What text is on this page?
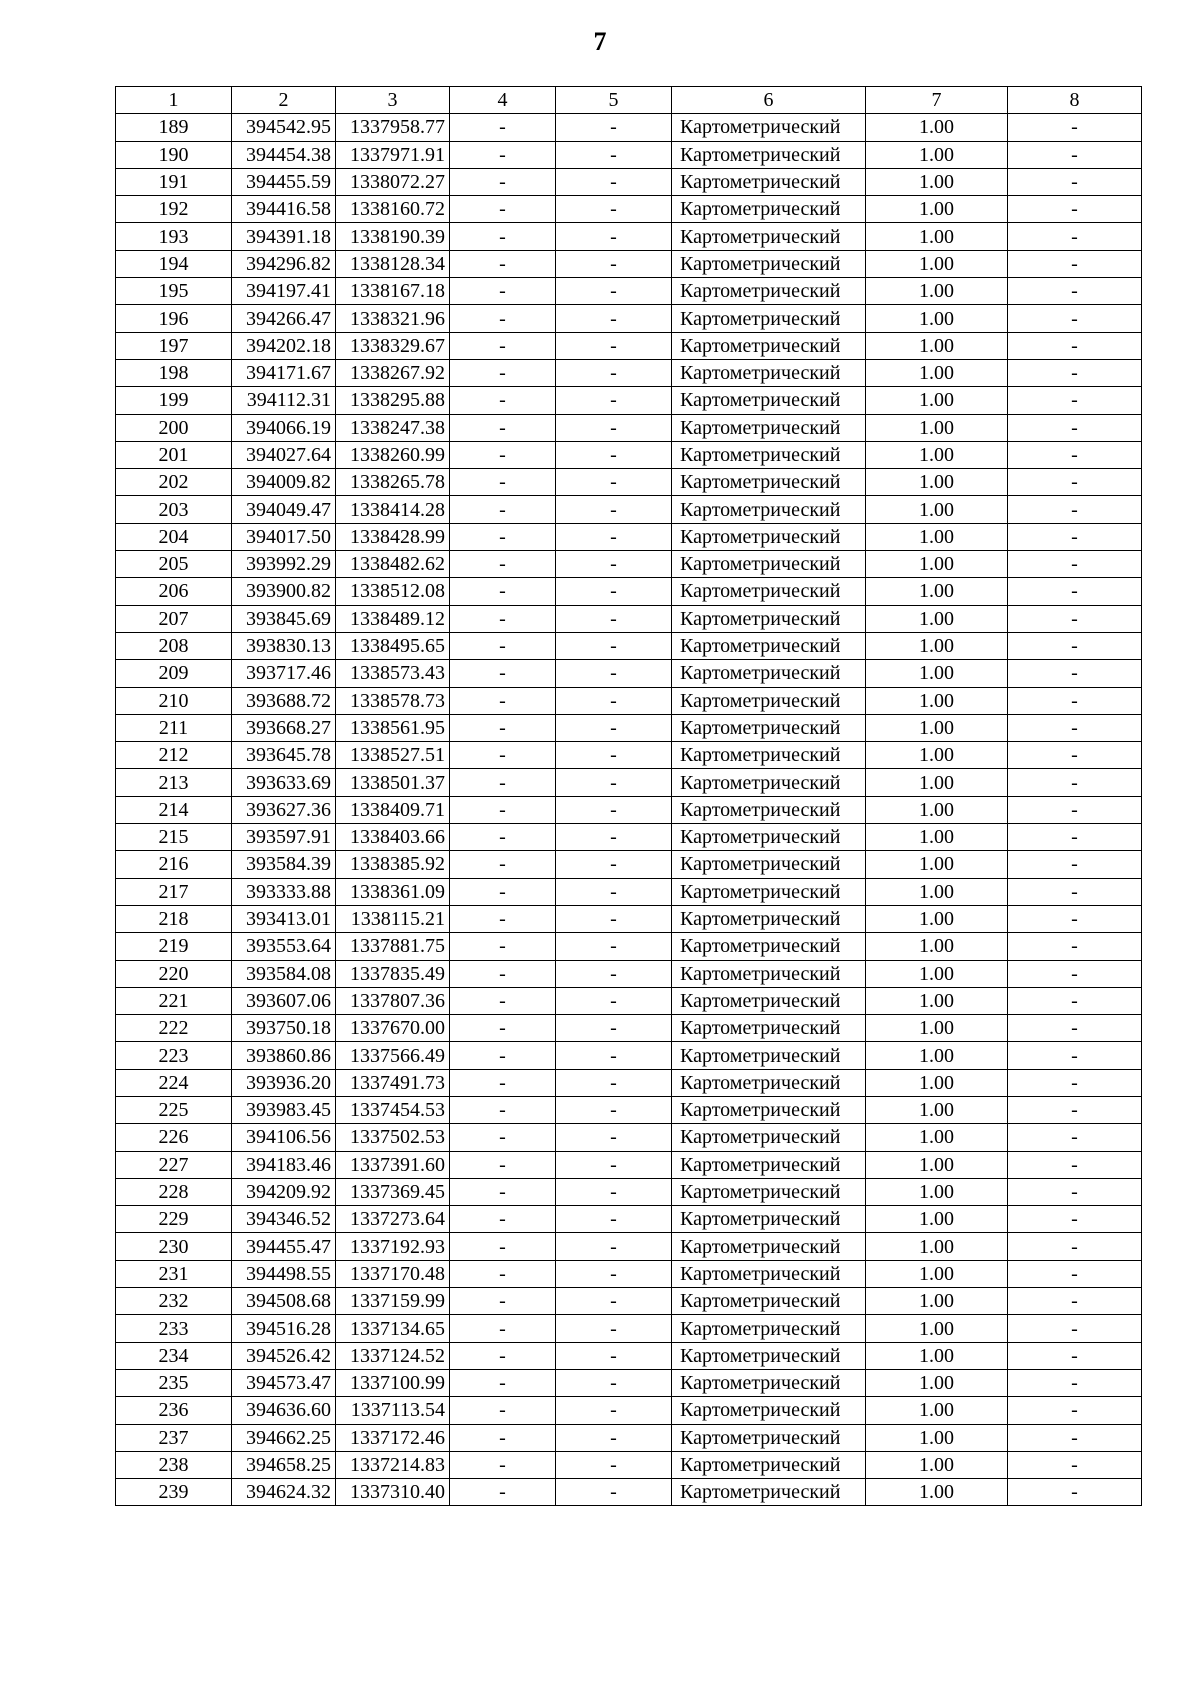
7
1	2	3	4	5	6	7	8
189	394542.95	1337958.77	-	-	Картометрический	1.00	-
190	394454.38	1337971.91	-	-	Картометрический	1.00	-
191	394455.59	1338072.27	-	-	Картометрический	1.00	-
192	394416.58	1338160.72	-	-	Картометрический	1.00	-
193	394391.18	1338190.39	-	-	Картометрический	1.00	-
194	394296.82	1338128.34	-	-	Картометрический	1.00	-
195	394197.41	1338167.18	-	-	Картометрический	1.00	-
196	394266.47	1338321.96	-	-	Картометрический	1.00	-
197	394202.18	1338329.67	-	-	Картометрический	1.00	-
198	394171.67	1338267.92	-	-	Картометрический	1.00	-
199	394112.31	1338295.88	-	-	Картометрический	1.00	-
200	394066.19	1338247.38	-	-	Картометрический	1.00	-
201	394027.64	1338260.99	-	-	Картометрический	1.00	-
202	394009.82	1338265.78	-	-	Картометрический	1.00	-
203	394049.47	1338414.28	-	-	Картометрический	1.00	-
204	394017.50	1338428.99	-	-	Картометрический	1.00	-
205	393992.29	1338482.62	-	-	Картометрический	1.00	-
206	393900.82	1338512.08	-	-	Картометрический	1.00	-
207	393845.69	1338489.12	-	-	Картометрический	1.00	-
208	393830.13	1338495.65	-	-	Картометрический	1.00	-
209	393717.46	1338573.43	-	-	Картометрический	1.00	-
210	393688.72	1338578.73	-	-	Картометрический	1.00	-
211	393668.27	1338561.95	-	-	Картометрический	1.00	-
212	393645.78	1338527.51	-	-	Картометрический	1.00	-
213	393633.69	1338501.37	-	-	Картометрический	1.00	-
214	393627.36	1338409.71	-	-	Картометрический	1.00	-
215	393597.91	1338403.66	-	-	Картометрический	1.00	-
216	393584.39	1338385.92	-	-	Картометрический	1.00	-
217	393333.88	1338361.09	-	-	Картометрический	1.00	-
218	393413.01	1338115.21	-	-	Картометрический	1.00	-
219	393553.64	1337881.75	-	-	Картометрический	1.00	-
220	393584.08	1337835.49	-	-	Картометрический	1.00	-
221	393607.06	1337807.36	-	-	Картометрический	1.00	-
222	393750.18	1337670.00	-	-	Картометрический	1.00	-
223	393860.86	1337566.49	-	-	Картометрический	1.00	-
224	393936.20	1337491.73	-	-	Картометрический	1.00	-
225	393983.45	1337454.53	-	-	Картометрический	1.00	-
226	394106.56	1337502.53	-	-	Картометрический	1.00	-
227	394183.46	1337391.60	-	-	Картометрический	1.00	-
228	394209.92	1337369.45	-	-	Картометрический	1.00	-
229	394346.52	1337273.64	-	-	Картометрический	1.00	-
230	394455.47	1337192.93	-	-	Картометрический	1.00	-
231	394498.55	1337170.48	-	-	Картометрический	1.00	-
232	394508.68	1337159.99	-	-	Картометрический	1.00	-
233	394516.28	1337134.65	-	-	Картометрический	1.00	-
234	394526.42	1337124.52	-	-	Картометрический	1.00	-
235	394573.47	1337100.99	-	-	Картометрический	1.00	-
236	394636.60	1337113.54	-	-	Картометрический	1.00	-
237	394662.25	1337172.46	-	-	Картометрический	1.00	-
238	394658.25	1337214.83	-	-	Картометрический	1.00	-
239	394624.32	1337310.40	-	-	Картометрический	1.00	-
